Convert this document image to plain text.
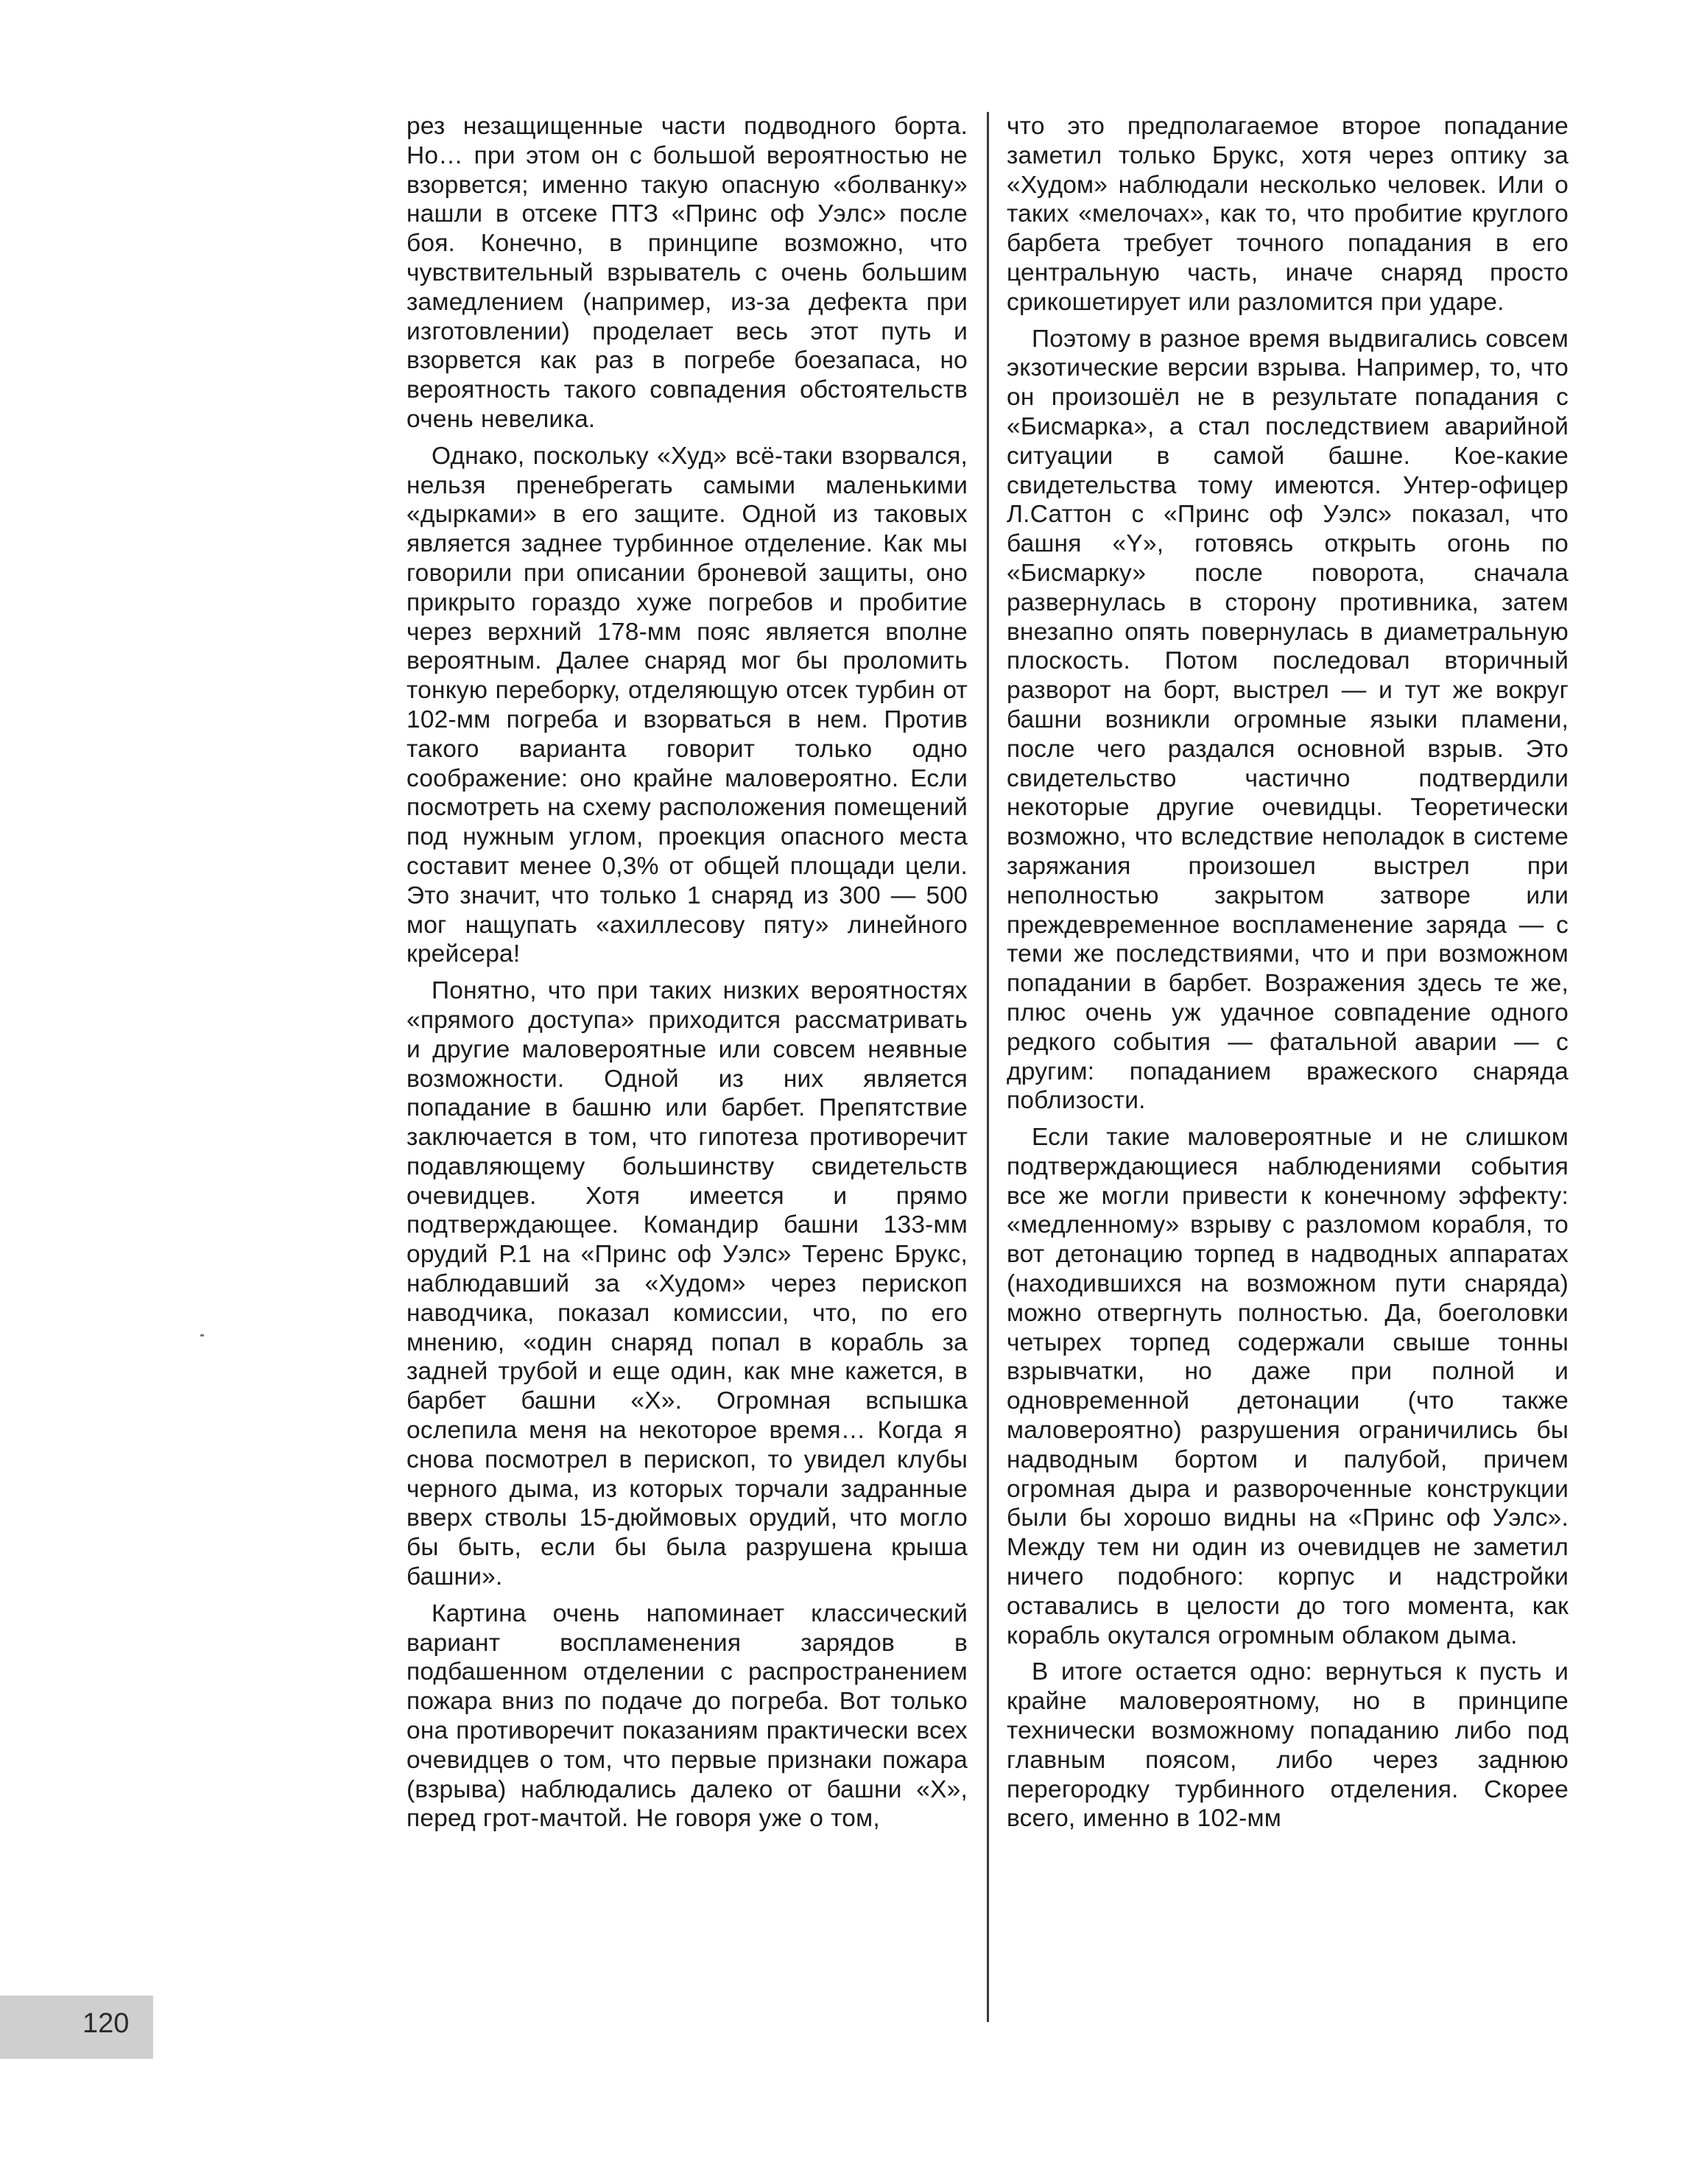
рез незащищенные части подводного борта. Но… при этом он с большой вероятностью не взорвется; именно такую опасную «болванку» нашли в отсеке ПТЗ «Принс оф Уэлс» после боя. Конечно, в принципе возможно, что чувствительный взрыватель с очень большим замедлением (например, из-за дефекта при изготовлении) проделает весь этот путь и взорвется как раз в погребе боезапаса, но вероятность такого совпадения обстоятельств очень невелика.

Однако, поскольку «Худ» всё-таки взорвался, нельзя пренебрегать самыми маленькими «дырками» в его защите. Одной из таковых является заднее турбинное отделение. Как мы говорили при описании броневой защиты, оно прикрыто гораздо хуже погребов и пробитие через верхний 178-мм пояс является вполне вероятным. Далее снаряд мог бы проломить тонкую переборку, отделяющую отсек турбин от 102-мм погреба и взорваться в нем. Против такого варианта говорит только одно соображение: оно крайне маловероятно. Если посмотреть на схему расположения помещений под нужным углом, проекция опасного места составит менее 0,3% от общей площади цели. Это значит, что только 1 снаряд из 300 — 500 мог нащупать «ахиллесову пяту» линейного крейсера!

Понятно, что при таких низких вероятностях «прямого доступа» приходится рассматривать и другие маловероятные или совсем неявные возможности. Одной из них является попадание в башню или барбет. Препятствие заключается в том, что гипотеза противоречит подавляющему большинству свидетельств очевидцев. Хотя имеется и прямо подтверждающее. Командир башни 133-мм орудий Р.1 на «Принс оф Уэлс» Теренс Брукс, наблюдавший за «Худом» через перископ наводчика, показал комиссии, что, по его мнению, «один снаряд попал в корабль за задней трубой и еще один, как мне кажется, в барбет башни «Х». Огромная вспышка ослепила меня на некоторое время… Когда я снова посмотрел в перископ, то увидел клубы черного дыма, из которых торчали задранные вверх стволы 15-дюймовых орудий, что могло бы быть, если бы была разрушена крыша башни».

Картина очень напоминает классический вариант воспламенения зарядов в подбашенном отделении с распространением пожара вниз по подаче до погреба. Вот только она противоречит показаниям практически всех очевидцев о том, что первые признаки пожара (взрыва) наблюдались далеко от башни «Х», перед грот-мачтой. Не говоря уже о том,

что это предполагаемое второе попадание заметил только Брукс, хотя через оптику за «Худом» наблюдали несколько человек. Или о таких «мелочах», как то, что пробитие круглого барбета требует точного попадания в его центральную часть, иначе снаряд просто срикошетирует или разломится при ударе.

Поэтому в разное время выдвигались совсем экзотические версии взрыва. Например, то, что он произошёл не в результате попадания с «Бисмарка», а стал последствием аварийной ситуации в самой башне. Кое-какие свидетельства тому имеются. Унтер-офицер Л.Саттон с «Принс оф Уэлс» показал, что башня «Y», готовясь открыть огонь по «Бисмарку» после поворота, сначала развернулась в сторону противника, затем внезапно опять повернулась в диаметральную плоскость. Потом последовал вторичный разворот на борт, выстрел — и тут же вокруг башни возникли огромные языки пламени, после чего раздался основной взрыв. Это свидетельство частично подтвердили некоторые другие очевидцы. Теоретически возможно, что вследствие неполадок в системе заряжания произошел выстрел при неполностью закрытом затворе или преждевременное воспламенение заряда — с теми же последствиями, что и при возможном попадании в барбет. Возражения здесь те же, плюс очень уж удачное совпадение одного редкого события — фатальной аварии — с другим: попаданием вражеского снаряда поблизости.

Если такие маловероятные и не слишком подтверждающиеся наблюдениями события все же могли привести к конечному эффекту: «медленному» взрыву с разломом корабля, то вот детонацию торпед в надводных аппаратах (находившихся на возможном пути снаряда) можно отвергнуть полностью. Да, боеголовки четырех торпед содержали свыше тонны взрывчатки, но даже при полной и одновременной детонации (что также маловероятно) разрушения ограничились бы надводным бортом и палубой, причем огромная дыра и развороченные конструкции были бы хорошо видны на «Принс оф Уэлс». Между тем ни один из очевидцев не заметил ничего подобного: корпус и надстройки оставались в целости до того момента, как корабль окутался огромным облаком дыма.

В итоге остается одно: вернуться к пусть и крайне маловероятному, но в принципе технически возможному попаданию либо под главным поясом, либо через заднюю перегородку турбинного отделения. Скорее всего, именно в 102-мм

120
